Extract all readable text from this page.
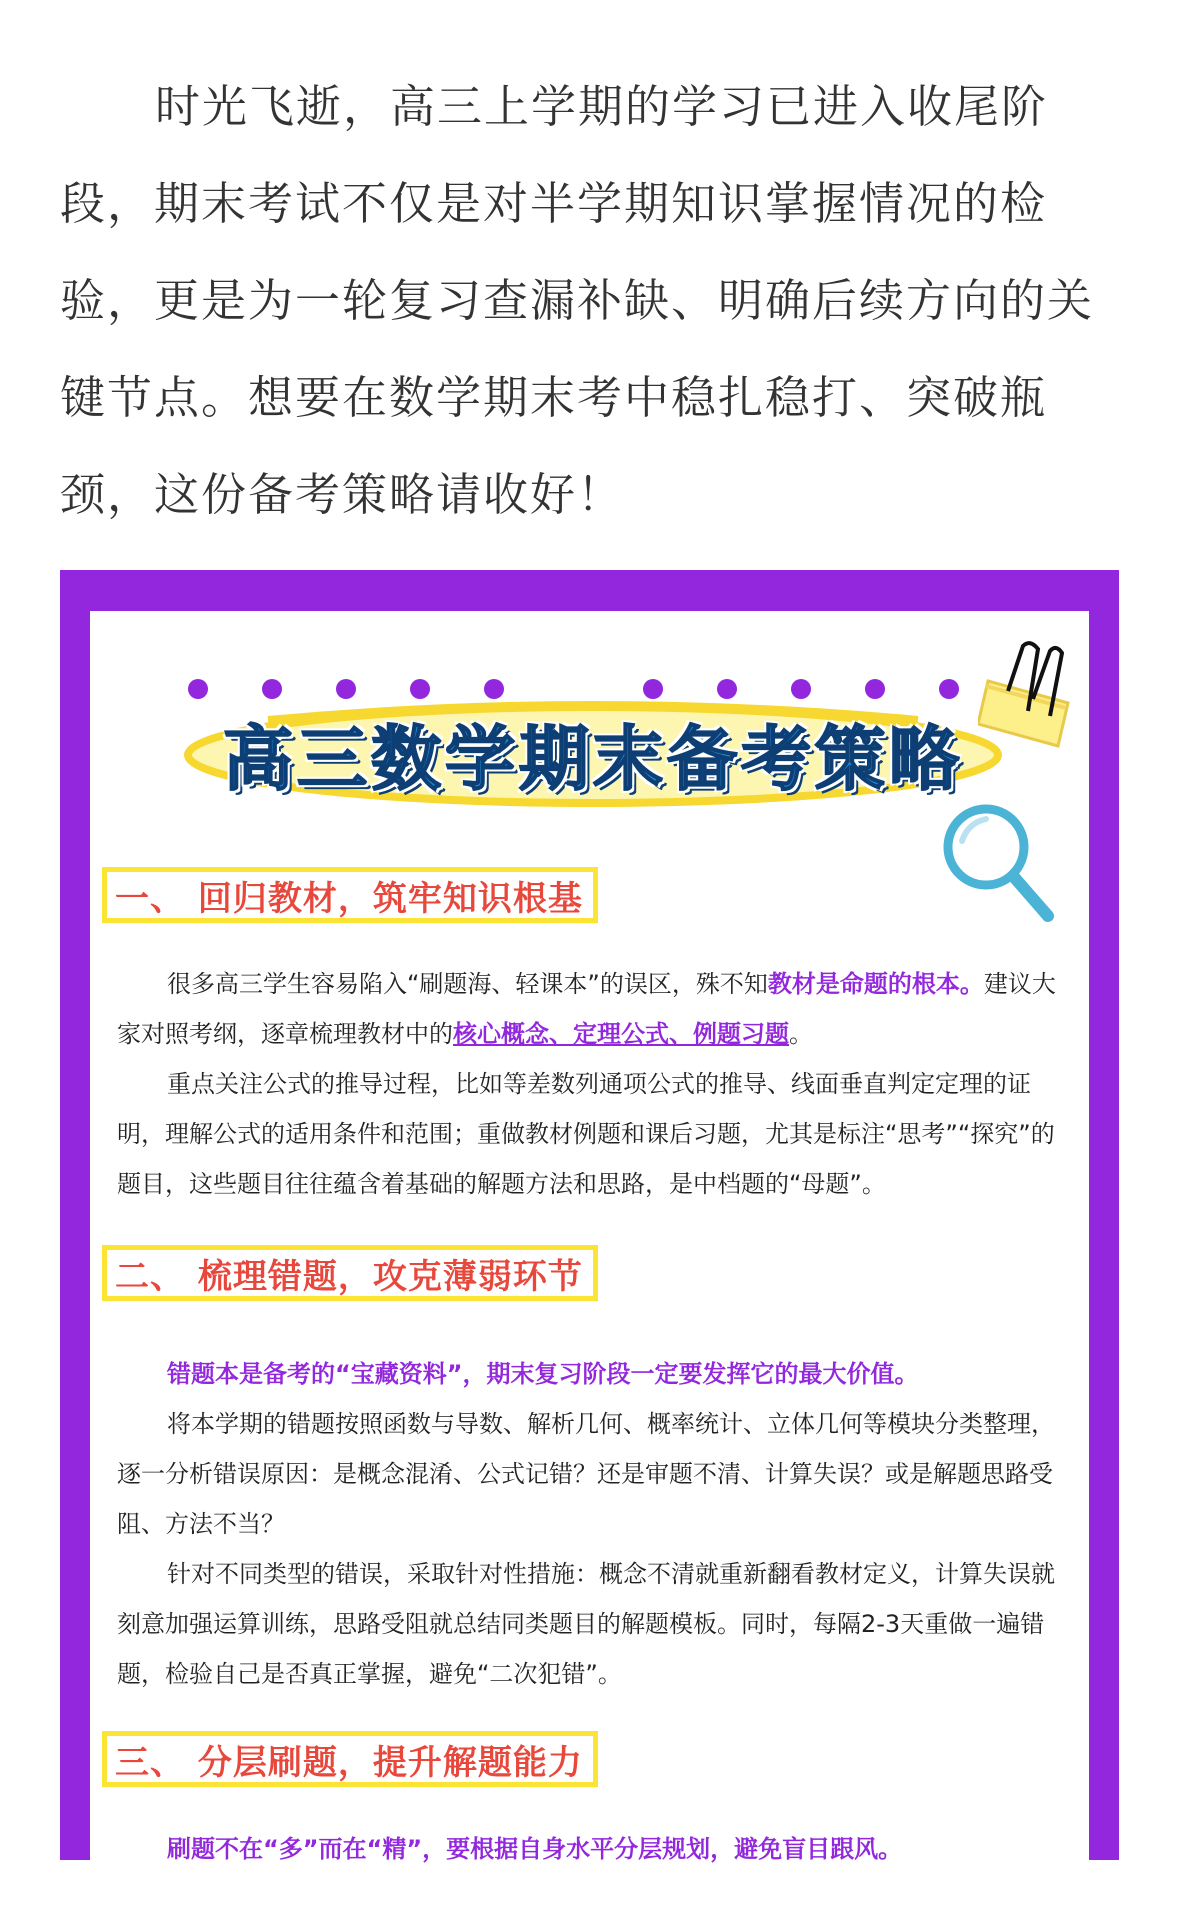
时光飞逝，高三上学期的学习已进入收尾阶段，期末考试不仅是对半学期知识掌握情况的检验，更是为一轮复习查漏补缺、明确后续方向的关键节点。想要在数学期末考中稳扎稳打、突破瓶颈，这份备考策略请收好！

高三数学期末备考策略
一、 回归教材，筑牢知识根基

很多高三学生容易陷入“刷题海、轻课本”的误区，殊不知教材是命题的根本。建议大家对照考纲，逐章梳理教材中的核心概念、定理公式、例题习题。

重点关注公式的推导过程，比如等差数列通项公式的推导、线面垂直判定定理的证明，理解公式的适用条件和范围；重做教材例题和课后习题，尤其是标注“思考”“探究”的题目，这些题目往往蕴含着基础的解题方法和思路，是中档题的“母题”。

二、 梳理错题，攻克薄弱环节

错题本是备考的“宝藏资料”，期末复习阶段一定要发挥它的最大价值。

将本学期的错题按照函数与导数、解析几何、概率统计、立体几何等模块分类整理，逐一分析错误原因：是概念混淆、公式记错？还是审题不清、计算失误？或是解题思路受阻、方法不当？

针对不同类型的错误，采取针对性措施：概念不清就重新翻看教材定义，计算失误就刻意加强运算训练，思路受阻就总结同类题目的解题模板。同时，每隔2-3天重做一遍错题，检验自己是否真正掌握，避免“二次犯错”。

三、 分层刷题，提升解题能力

刷题不在“多”而在“精”，要根据自身水平分层规划，避免盲目跟风。
